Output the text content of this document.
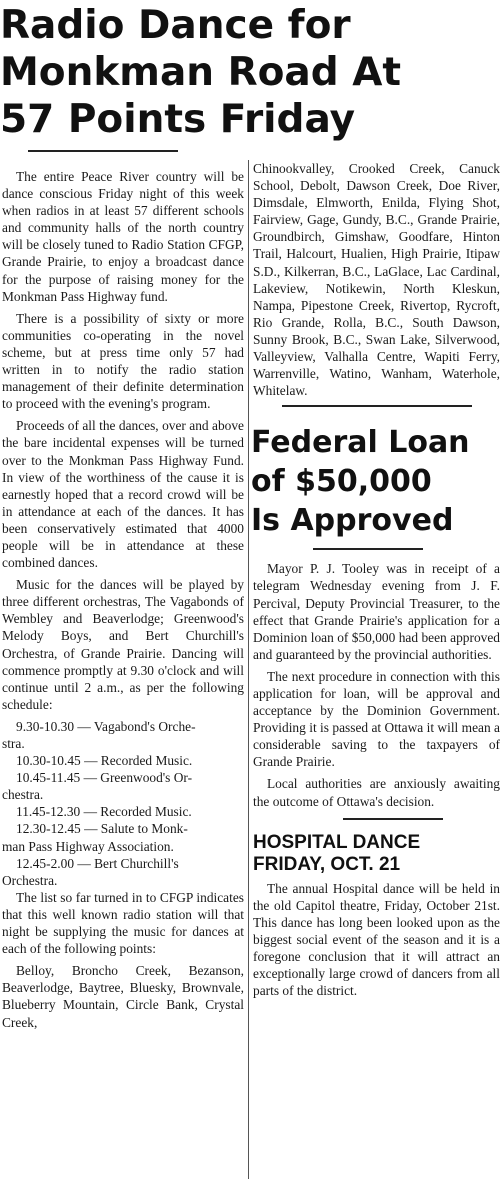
Radio Dance for
Monkman Road At
57 Points Friday

The entire Peace River country will be dance conscious Friday night of this week when radios in at least 57 different schools and community halls of the north country will be closely tuned to Radio Station CFGP, Grande Prairie, to enjoy a broadcast dance for the purpose of raising money for the Monkman Pass Highway fund.

There is a possibility of sixty or more communities co-operating in the novel scheme, but at press time only 57 had written in to notify the radio station management of their definite determination to proceed with the evening's program.

Proceeds of all the dances, over and above the bare incidental expenses will be turned over to the Monkman Pass Highway Fund. In view of the worthiness of the cause it is earnestly hoped that a record crowd will be in attendance at each of the dances. It has been conservatively estimated that 4000 people will be in attendance at these combined dances.

Music for the dances will be played by three different orchestras, The Vagabonds of Wembley and Beaverlodge; Greenwood's Melody Boys, and Bert Churchill's Orchestra, of Grande Prairie. Dancing will commence promptly at 9.30 o'clock and will continue until 2 a.m., as per the following schedule:

9.30-10.30 — Vagabond's Orche-
stra.
10.30-10.45 — Recorded Music.
10.45-11.45 — Greenwood's Or-
chestra.
11.45-12.30 — Recorded Music.
12.30-12.45 — Salute to Monk-
man Pass Highway Association.
12.45-2.00 — Bert Churchill's
Orchestra.

The list so far turned in to CFGP indicates that this well known radio station will that night be supplying the music for dances at each of the following points:

Belloy, Broncho Creek, Bezanson, Beaverlodge, Baytree, Bluesky, Brownvale, Blueberry Mountain, Circle Bank, Crystal Creek,
Chinookvalley, Crooked Creek, Canuck School, Debolt, Dawson Creek, Doe River, Dimsdale, Elmworth, Enilda, Flying Shot, Fairview, Gage, Gundy, B.C., Grande Prairie, Groundbirch, Gimshaw, Goodfare, Hinton Trail, Halcourt, Hualien, High Prairie, Itipaw S.D., Kilkerran, B.C., LaGlace, Lac Cardinal, Lakeview, Notikewin, North Kleskun, Nampa, Pipestone Creek, Rivertop, Rycroft, Rio Grande, Rolla, B.C., South Dawson, Sunny Brook, B.C., Swan Lake, Silverwood, Valleyview, Valhalla Centre, Wapiti Ferry, Warrenville, Watino, Wanham, Waterhole, Whitelaw.
Federal Loan
of $50,000
Is Approved

Mayor P. J. Tooley was in receipt of a telegram Wednesday evening from J. F. Percival, Deputy Provincial Treasurer, to the effect that Grande Prairie's application for a Dominion loan of $50,000 had been approved and guaranteed by the provincial authorities.

The next procedure in connection with this application for loan, will be approval and acceptance by the Dominion Government. Providing it is passed at Ottawa it will mean a considerable saving to the taxpayers of Grande Prairie.

Local authorities are anxiously awaiting the outcome of Ottawa's decision.

HOSPITAL DANCE
FRIDAY, OCT. 21

The annual Hospital dance will be held in the old Capitol theatre, Friday, October 21st. This dance has long been looked upon as the biggest social event of the season and it is a foregone conclusion that it will attract an exceptionally large crowd of dancers from all parts of the district.
